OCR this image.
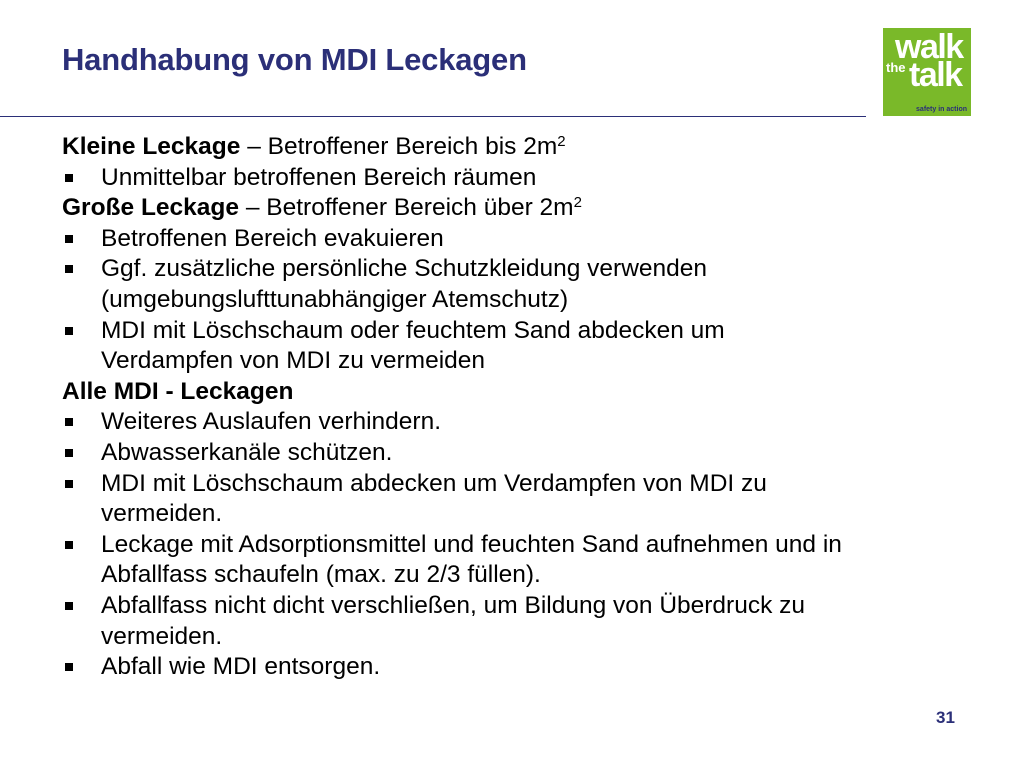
Handhabung von MDI Leckagen	walk
the talk
safety in action
Kleine Leckage – Betroffener Bereich bis $2m^2$
Unmittelbar betroffenen Bereich räumen
Große Leckage – Betroffener Bereich über $2m^2$
Betroffenen Bereich evakuieren
Ggf. zusätzliche persönliche Schutzkleidung verwenden
(umgebungslufttunabhängiger Atemschutz)
MDI mit Löschschaum oder feuchtem Sand abdecken um
Verdampfen von MDI zu vermeiden
Alle MDI - Leckagen
Weiteres Auslaufen verhindern.
Abwasserkanäle schützen.
MDI mit Löschschaum abdecken um Verdampfen von MDI zu
vermeiden.
Leckage mit Adsorptionsmittel und feuchten Sand aufnehmen und in
Abfallfass schaufeln (max. zu 2/3 füllen).
Abfallfass nicht dicht verschließen, um Bildung von Überdruck zu
vermeiden.
Abfall wie MDI entsorgen.
31
